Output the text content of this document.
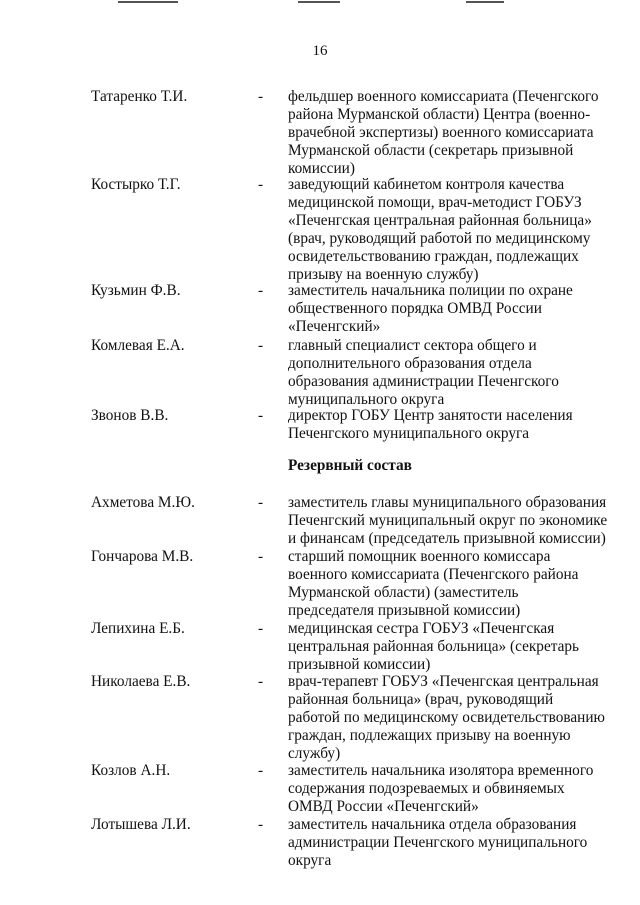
16
Татаренко Т.И.	- фельдшер военного комиссариата (Печенгского района Мурманской области) Центра (военно-врачебной экспертизы) военного комиссариата Мурманской области (секретарь призывной комиссии)
Костырко Т.Г.	- заведующий кабинетом контроля качества медицинской помощи, врач-методист ГОБУЗ «Печенгская центральная районная больница» (врач, руководящий работой по медицинскому освидетельствованию граждан, подлежащих призыву на военную службу)
Кузьмин Ф.В.	- заместитель начальника полиции по охране общественного порядка ОМВД России «Печенгский»
Комлевая Е.А.	- главный специалист сектора общего и дополнительного образования отдела образования администрации Печенгского муниципального округа
Звонов В.В.	- директор ГОБУ Центр занятости населения Печенгского муниципального округа
Резервный состав
Ахметова М.Ю.	- заместитель главы муниципального образования Печенгский муниципальный округ по экономике и финансам (председатель призывной комиссии)
Гончарова М.В.	- старший помощник военного комиссара военного комиссариата (Печенгского района Мурманской области) (заместитель председателя призывной комиссии)
Лепихина Е.Б.	- медицинская сестра ГОБУЗ «Печенгская центральная районная больница» (секретарь призывной комиссии)
Николаева Е.В.	- врач-терапевт ГОБУЗ «Печенгская центральная районная больница» (врач, руководящий работой по медицинскому освидетельствованию граждан, подлежащих призыву на военную службу)
Козлов А.Н.	- заместитель начальника изолятора временного содержания подозреваемых и обвиняемых ОМВД России «Печенгский»
Лотышева Л.И.	- заместитель начальника отдела образования администрации Печенгского муниципального округа
